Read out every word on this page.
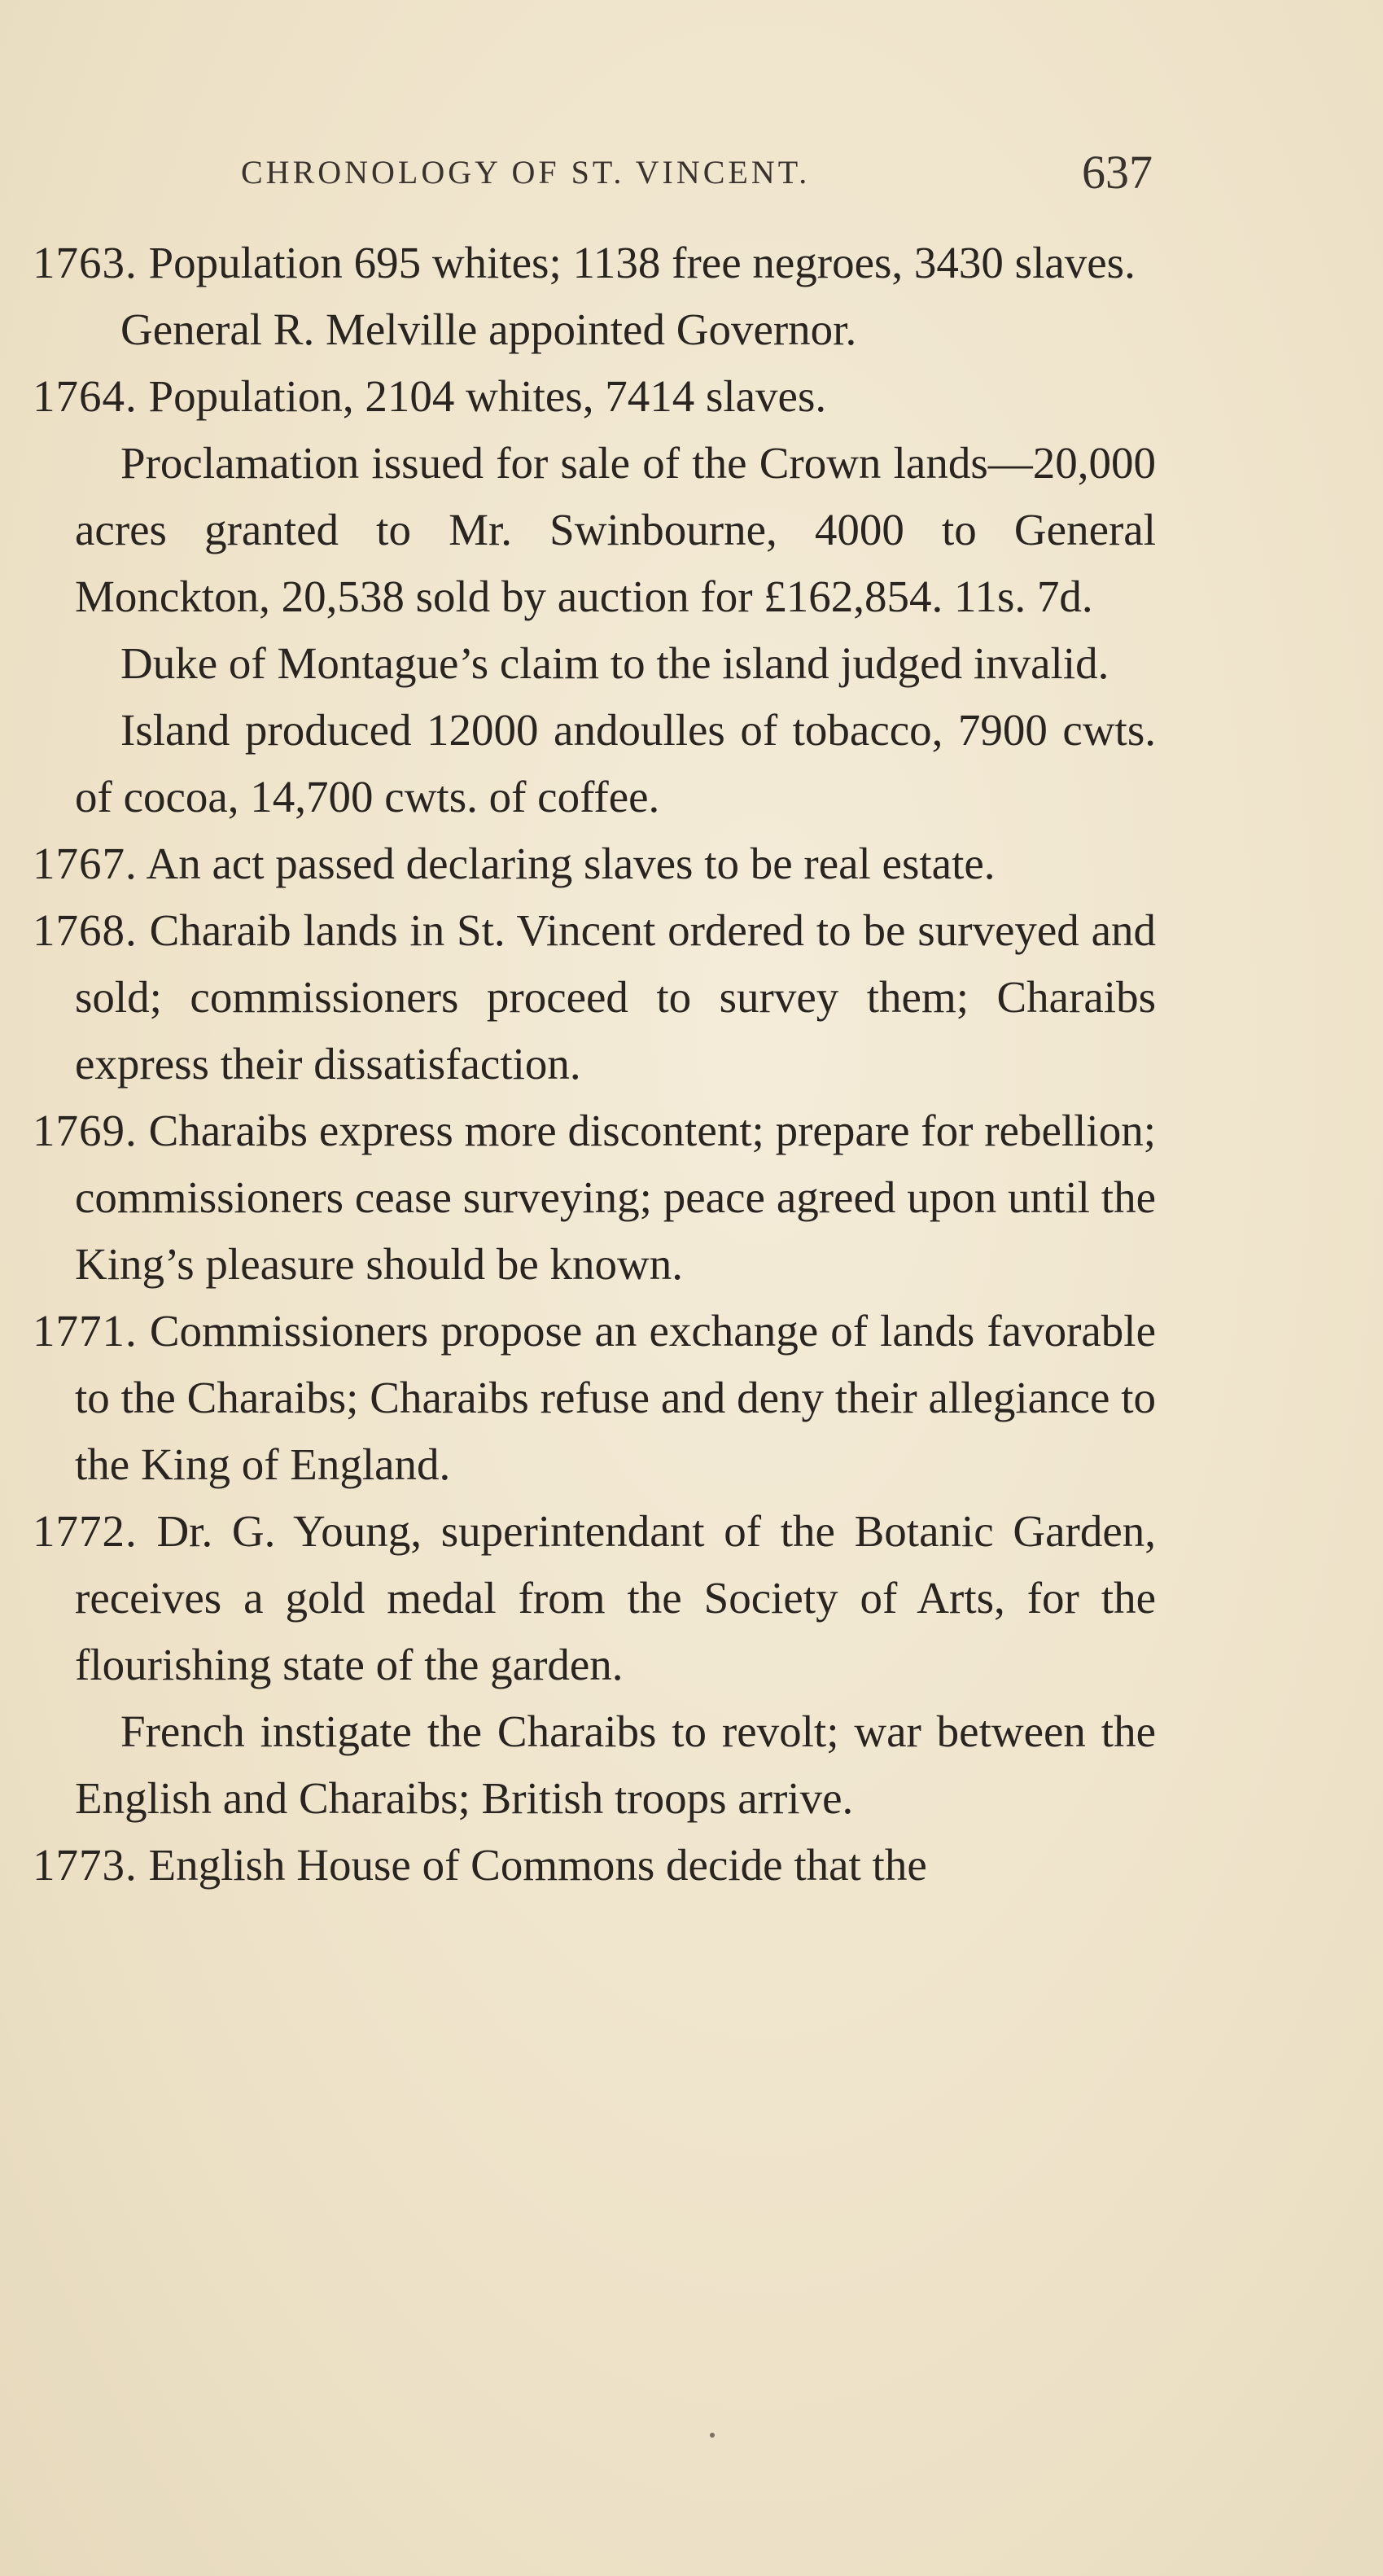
CHRONOLOGY OF ST. VINCENT.	637

1763. Population 695 whites; 1138 free negroes, 3430 slaves.

General R. Melville appointed Governor.

1764. Population, 2104 whites, 7414 slaves.

Proclamation issued for sale of the Crown lands—20,000 acres granted to Mr. Swinbourne, 4000 to General Monckton, 20,538 sold by auction for £162,854. 11s. 7d.

Duke of Montague’s claim to the island judged invalid.

Island produced 12000 andoulles of tobacco, 7900 cwts. of cocoa, 14,700 cwts. of coffee.

1767. An act passed declaring slaves to be real estate.

1768. Charaib lands in St. Vincent ordered to be surveyed and sold; commissioners proceed to survey them; Charaibs express their dissatisfaction.

1769. Charaibs express more discontent; prepare for rebellion; commissioners cease surveying; peace agreed upon until the King’s pleasure should be known.

1771. Commissioners propose an exchange of lands favorable to the Charaibs; Charaibs refuse and deny their allegiance to the King of England.

1772. Dr. G. Young, superintendant of the Botanic Garden, receives a gold medal from the Society of Arts, for the flourishing state of the garden.

French instigate the Charaibs to revolt; war between the English and Charaibs; British troops arrive.

1773. English House of Commons decide that the
